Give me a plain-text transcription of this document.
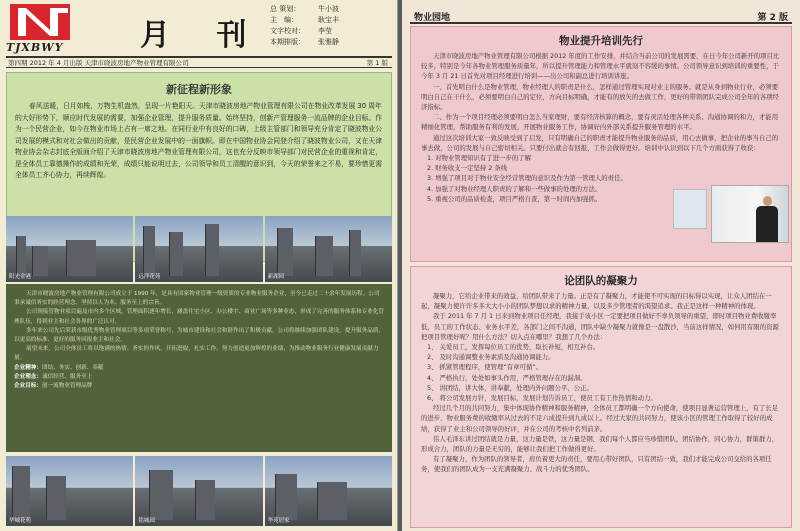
TJXBWY	月 刊
总 策划：	牛小波
主　编：	耿宝丰
文字校对： 李莹
本期排版： 张雅静
第四期 2012 年 4 月出版 天津市晓波房地产物业管理有限公司	第 1 版
新征程新形象

春风送暖，日月如梭，万物生机盎然，呈现一片艳阳天。天津市晓波房地产物业管理有限公司在物业改革发展 30 周年的大好形势下，顺应时代发展的需要，加强企业管理，提升服务质量。始终坚持，创新产管理服务一流品牌的企业目标。作为一个民营企业，如今在物业市场上占有一席之地。在同行业中有良好的口碑，上级主管部门和领导充分肯定了晓波物业公司发展的模式和对社会做出的贡献，是民营企业发展中的一面旗帜。即在中国物业协会同登介绍了晓波物业公司，又在天津物业协会杂志封底全版面介绍了天津市晓波房地产物业管理有限公司，这也充分反映市领导部门对民营企业的重视和肯定，是全体员工靠德操作的成绩和光荣，成绩只能说明过去，公司领导和员工清醒的意识到，今天的荣誉来之不易，要珍惜更需全体员工齐心协力，再续辉煌。

阳光金港	远洋花苑	新湖园

天津市晓波房地产物业管理有限公司成立于 1990 年，是具有国家物业管理一级资质的专业物业服务企业，至今已走过二十余年发展历程。公司秉承诚信务实的经营理念，坚持以人为本、服务至上的宗旨。

公司现接管物业项目遍及市内多个区域，管理面积逐年增长，涵盖住宅小区、办公楼宇、商业广场等多种业态，形成了完善的服务体系和专业化管理队伍，得到业主和社会各界的广泛认可。

多年来公司先后荣获市级优秀物业管理项目等多项荣誉称号，为城市建设和社会和谐作出了积极贡献。公司将继续加强团队建设，提升服务品质，以更高的标准、更好的服务回报业主和社会。

展望未来，公司全体员工将以饱满的热情、务实的作风，开拓进取，扎实工作，努力创造更加辉煌的业绩，为推动物业服务行业健康发展贡献力量。

企业精神：团结、务实、创新、奉献
企业理念：诚信经营、服务至上
企业目标：创一流物业管理品牌
华城花苑	铭城园	华苑居家
物业园地	第 2 版
物业提升培训先行

天津市晓波房地产物业管理有限公司根据 2012 年度的工作安排，并结合当前公司的发展需要，在日今年公司新开的项目比较多，特别是今年各物业管理服务质量年，所以提升管理能力和管理水平就刻不容缓的事情。公司领导意识到培训的重要性，于今年 3 月 21 日首先对项目经理进行培训——出公司和副总进行培训讲座。

一、首先明白什么是物业管理，物业经理人的职责是什么，怎样通过管理实现对业主的服务。就是从身到物业行业，必须要明白自己在干什么，必须要明白自己的定位，方向目标明确，才能有的放矢的去做工作，更好的带领团队完成公司全年的各项经济指标。

二、作为一个项目经理必须要明白怎么当家理财，要有经济核算的概念，要有灵活处理各种关系、沟通协调的和力，才能用精细化管理，帮助服务有利的发展，开展物业服务工作，协调好内外部关系提升服务管理的水平。

通过这次培训大家一致反映受到了启发，只有明确自己的职责才能提升物业服务的品质，用心去做事，把企业的事当自己的事去做，公司的发展与自己密切相关。只要付出就会有回报，工作会做得更好。培训中认识到以下几个方面获得了收获：

1. 对物业管理知识有了进一步的了解

2. 财务收支一定坚持 2 条线

3. 增强了项目对于物业安全经营管理的意识及作为第一管理人的责任。

4. 加强了对物业经理人职责的了解和一些做事的处理的方法。

5. 重视公司的品质检查，项目严格自查，第一时间内加强抓。

论团队的凝聚力

凝聚力，它给企业带来的效益，给团队带来了力量。正是有了凝聚力，才能使不可实现的目标得以实现，让众人团结在一起，凝聚力使许许多多大大小小的团队梦想以求的精神力量，以及多少管理者的渴望追求。我正是这样一种精神的体现。

我于 2011 年 7 月 1 日来到物业项目任经理，我接手该小区一定要把项目做好不辜负领导的重望，即时项目物业费收缴率低，员工的工作状态、业务水平差，各部门之间不沟通，团队中缺少凝聚力就像是一盘散沙，当前这样情况，如何用有限的资源把项目管理好呢？用什么方法？切入点在哪里？我想了几个办法：

1、 关爱员工，发挥每位员工的优势，取长补短，相互补台。

2、 及时沟通调整业务素质及沟通协调能力。

3、 抓紧管理程序，使管理“有章可循”。

4、 严格执行，处处如事头作用，严格管理存在的漏洞。

5、 讲团结，讲大体，讲奉献，处理内外问题公平、公正。

6、 将公司发展方针，发展目标，发展计划告诉员工，使员工有工作热情和动力。

经过几个月的共同努力，集中体现协作精神和服务精神，全体员工都明确一个方向使命，使项目显著运营管理上，有了长足的进步，物业服务费的收缴率从过去的不足六成提升到九成以上。经过大家的共同努力，使该小区的管理工作取得了较好的成绩，获得了业主和公司领导的好评，并在公司的考核中名列前茅。

伟人毛泽东讲过团结就是力量，这力量是铁，这力量是钢，我们每个人都应当珍惜团队，团结协作，同心协力，群策群力，形成合力，团队的力量是无穷的，能够让我们把工作做得更好。

有了凝聚力，作为团队的领导者，肩负着更大的责任，要用心带好团队，只有团结一致，我们才能完成公司交给的各项任务，使我们的团队成为一支充满凝聚力、战斗力的优秀团队。
